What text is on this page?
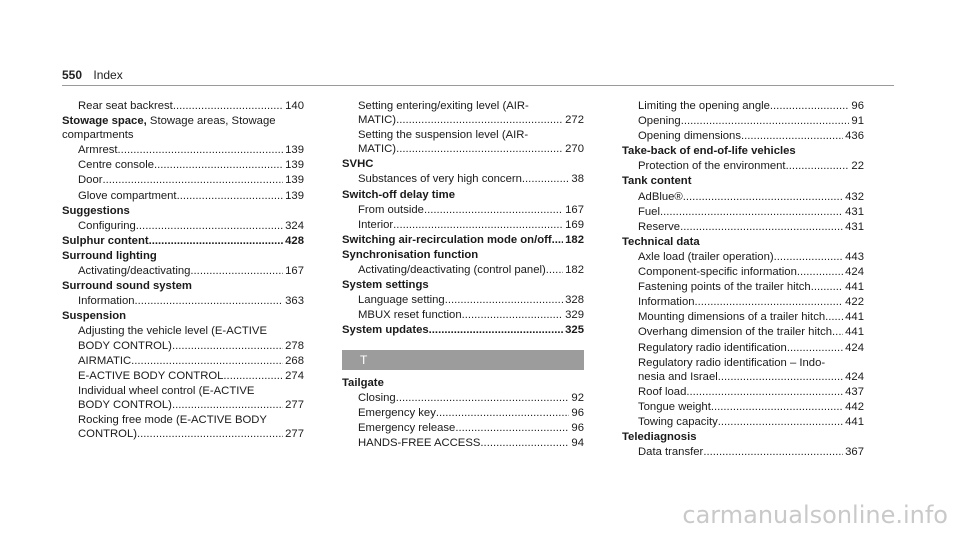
550 Index
Rear seat backrest .....	140
Stowage space, Stowage areas, Stowage compartments
Armrest .....	139
Centre console .....	139
Door .....	139
Glove compartment .....	139
Suggestions
Configuring .....	324
Sulphur content .....	428
Surround lighting
Activating/deactivating .....	167
Surround sound system
Information .....	363
Suspension
Adjusting the vehicle level (E-ACTIVE
BODY CONTROL) .....	278
AIRMATIC .....	268
E-ACTIVE BODY CONTROL .....	274
Individual wheel control (E-ACTIVE
BODY CONTROL) .....	277
Rocking free mode (E-ACTIVE BODY
CONTROL) .....	277
Setting entering/exiting level (AIR-
MATIC) .....	272
Setting the suspension level (AIR-
MATIC) .....	270
SVHC
Substances of very high concern .....	38
Switch-off delay time
From outside .....	167
Interior .....	169
Switching air-recirculation mode on/off ..... 182
Synchronisation function
Activating/deactivating (control panel) ..... 182
System settings
Language setting .....	328
MBUX reset function .....	329
System updates .....	325
T
Tailgate
Closing .....	92
Emergency key .....	96
Emergency release .....	96
HANDS-FREE ACCESS .....	94
Limiting the opening angle .....	96
Opening .....	91
Opening dimensions .....	436
Take-back of end-of-life vehicles
Protection of the environment .....	22
Tank content
AdBlue® .....	432
Fuel .....	431
Reserve .....	431
Technical data
Axle load (trailer operation) .....	443
Component-specific information .....	424
Fastening points of the trailer hitch .....	441
Information .....	422
Mounting dimensions of a trailer hitch ..... 441
Overhang dimension of the trailer hitch ..... 441
Regulatory radio identification .....	424
Regulatory radio identification – Indo-
nesia and Israel .....	424
Roof load .....	437
Tongue weight .....	442
Towing capacity .....	441
Telediagnosis
Data transfer .....	367
carmanualsonline.info
